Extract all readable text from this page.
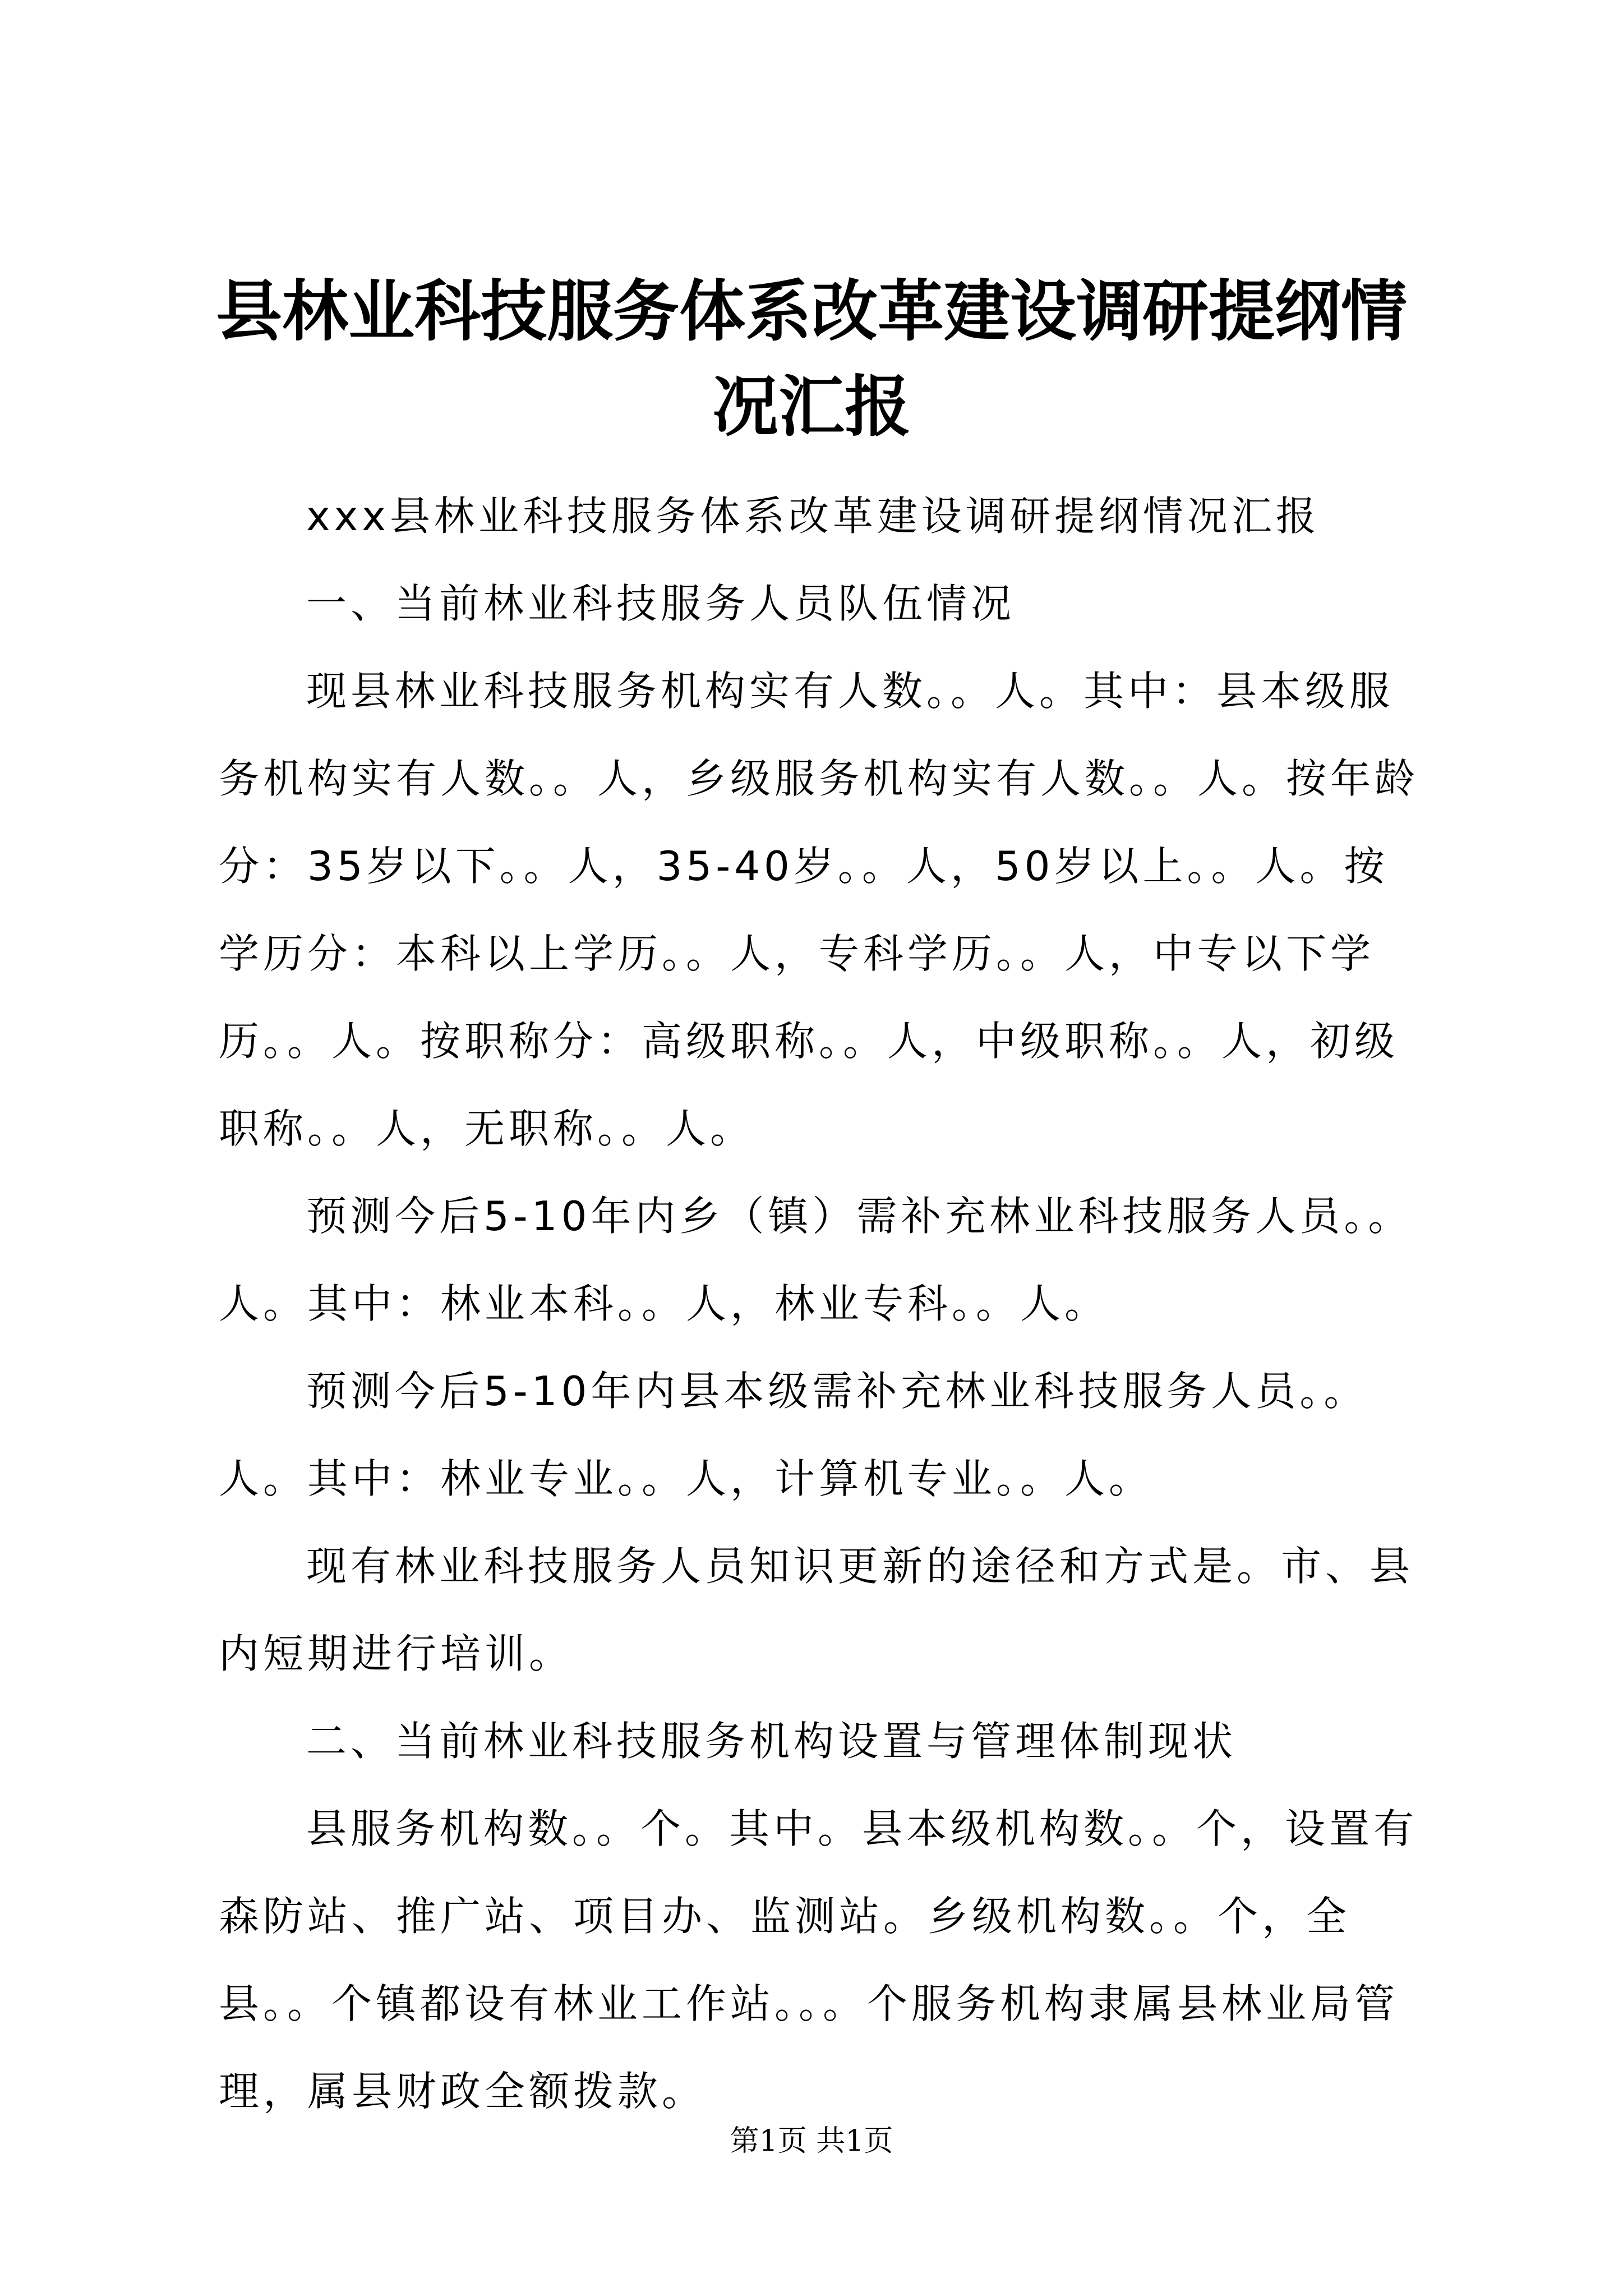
县林业科技服务体系改革建设调研提纲情况汇报

xxx县林业科技服务体系改革建设调研提纲情况汇报

一、当前林业科技服务人员队伍情况

现县林业科技服务机构实有人数。。人。其中：县本级服务机构实有人数。。人，乡级服务机构实有人数。。人。按年龄分：35岁以下。。人，35-40岁。。人，50岁以上。。人。按学历分：本科以上学历。。人，专科学历。。人，中专以下学历。。人。按职称分：高级职称。。人，中级职称。。人，初级职称。。人，无职称。。人。

预测今后5-10年内乡（镇）需补充林业科技服务人员。。人。其中：林业本科。。人，林业专科。。人。

预测今后5-10年内县本级需补充林业科技服务人员。。人。其中：林业专业。。人，计算机专业。。人。

现有林业科技服务人员知识更新的途径和方式是。市、县内短期进行培训。

二、当前林业科技服务机构设置与管理体制现状

县服务机构数。。个。其中。县本级机构数。。个，设置有森防站、推广站、项目办、监测站。乡级机构数。。个，全县。。个镇都设有林业工作站。。。个服务机构隶属县林业局管理，属县财政全额拨款。

第1页 共1页
